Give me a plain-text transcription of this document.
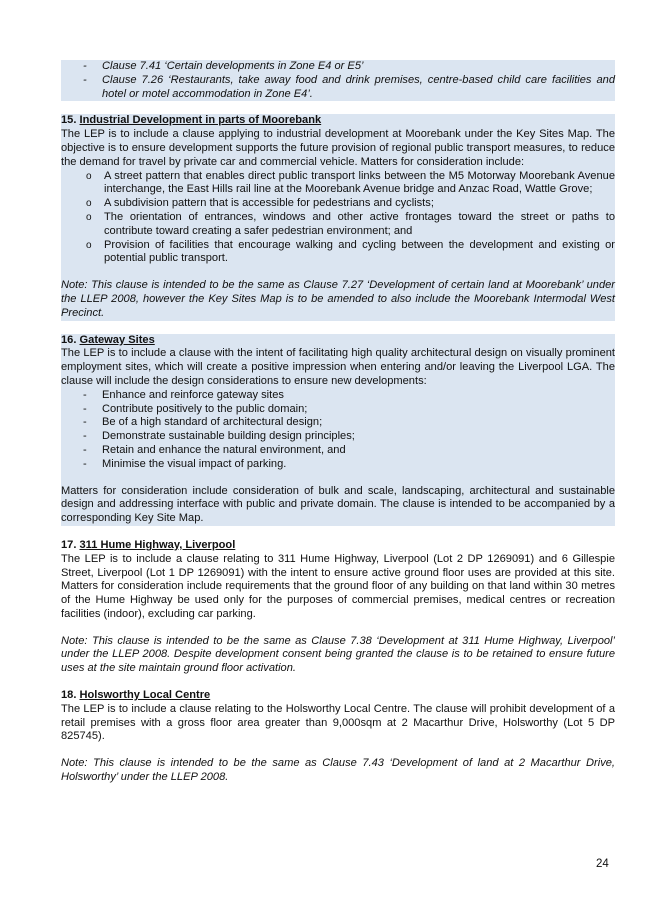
- Clause 7.41 ‘Certain developments in Zone E4 or E5’
- Clause 7.26 ‘Restaurants, take away food and drink premises, centre-based child care facilities and hotel or motel accommodation in Zone E4’.
15. Industrial Development in parts of Moorebank

The LEP is to include a clause applying to industrial development at Moorebank under the Key Sites Map. The objective is to ensure development supports the future provision of regional public transport measures, to reduce the demand for travel by private car and commercial vehicle. Matters for consideration include:

o A street pattern that enables direct public transport links between the M5 Motorway Moorebank Avenue interchange, the East Hills rail line at the Moorebank Avenue bridge and Anzac Road, Wattle Grove;
o A subdivision pattern that is accessible for pedestrians and cyclists;
o The orientation of entrances, windows and other active frontages toward the street or paths to contribute toward creating a safer pedestrian environment; and
o Provision of facilities that encourage walking and cycling between the development and existing or potential public transport.

Note: This clause is intended to be the same as Clause 7.27 ‘Development of certain land at Moorebank’ under the LLEP 2008, however the Key Sites Map is to be amended to also include the Moorebank Intermodal West Precinct.

16. Gateway Sites

The LEP is to include a clause with the intent of facilitating high quality architectural design on visually prominent employment sites, which will create a positive impression when entering and/or leaving the Liverpool LGA. The clause will include the design considerations to ensure new developments:

- Enhance and reinforce gateway sites
- Contribute positively to the public domain;
- Be of a high standard of architectural design;
- Demonstrate sustainable building design principles;
- Retain and enhance the natural environment, and
- Minimise the visual impact of parking.

Matters for consideration include consideration of bulk and scale, landscaping, architectural and sustainable design and addressing interface with public and private domain. The clause is intended to be accompanied by a corresponding Key Site Map.

17. 311 Hume Highway, Liverpool

The LEP is to include a clause relating to 311 Hume Highway, Liverpool (Lot 2 DP 1269091) and 6 Gillespie Street, Liverpool (Lot 1 DP 1269091) with the intent to ensure active ground floor uses are provided at this site. Matters for consideration include requirements that the ground floor of any building on that land within 30 metres of the Hume Highway be used only for the purposes of commercial premises, medical centres or recreation facilities (indoor), excluding car parking.

Note: This clause is intended to be the same as Clause 7.38 ‘Development at 311 Hume Highway, Liverpool’ under the LLEP 2008. Despite development consent being granted the clause is to be retained to ensure future uses at the site maintain ground floor activation.

18. Holsworthy Local Centre

The LEP is to include a clause relating to the Holsworthy Local Centre. The clause will prohibit development of a retail premises with a gross floor area greater than 9,000sqm at 2 Macarthur Drive, Holsworthy (Lot 5 DP 825745).

Note: This clause is intended to be the same as Clause 7.43 ‘Development of land at 2 Macarthur Drive, Holsworthy’ under the LLEP 2008.

24
